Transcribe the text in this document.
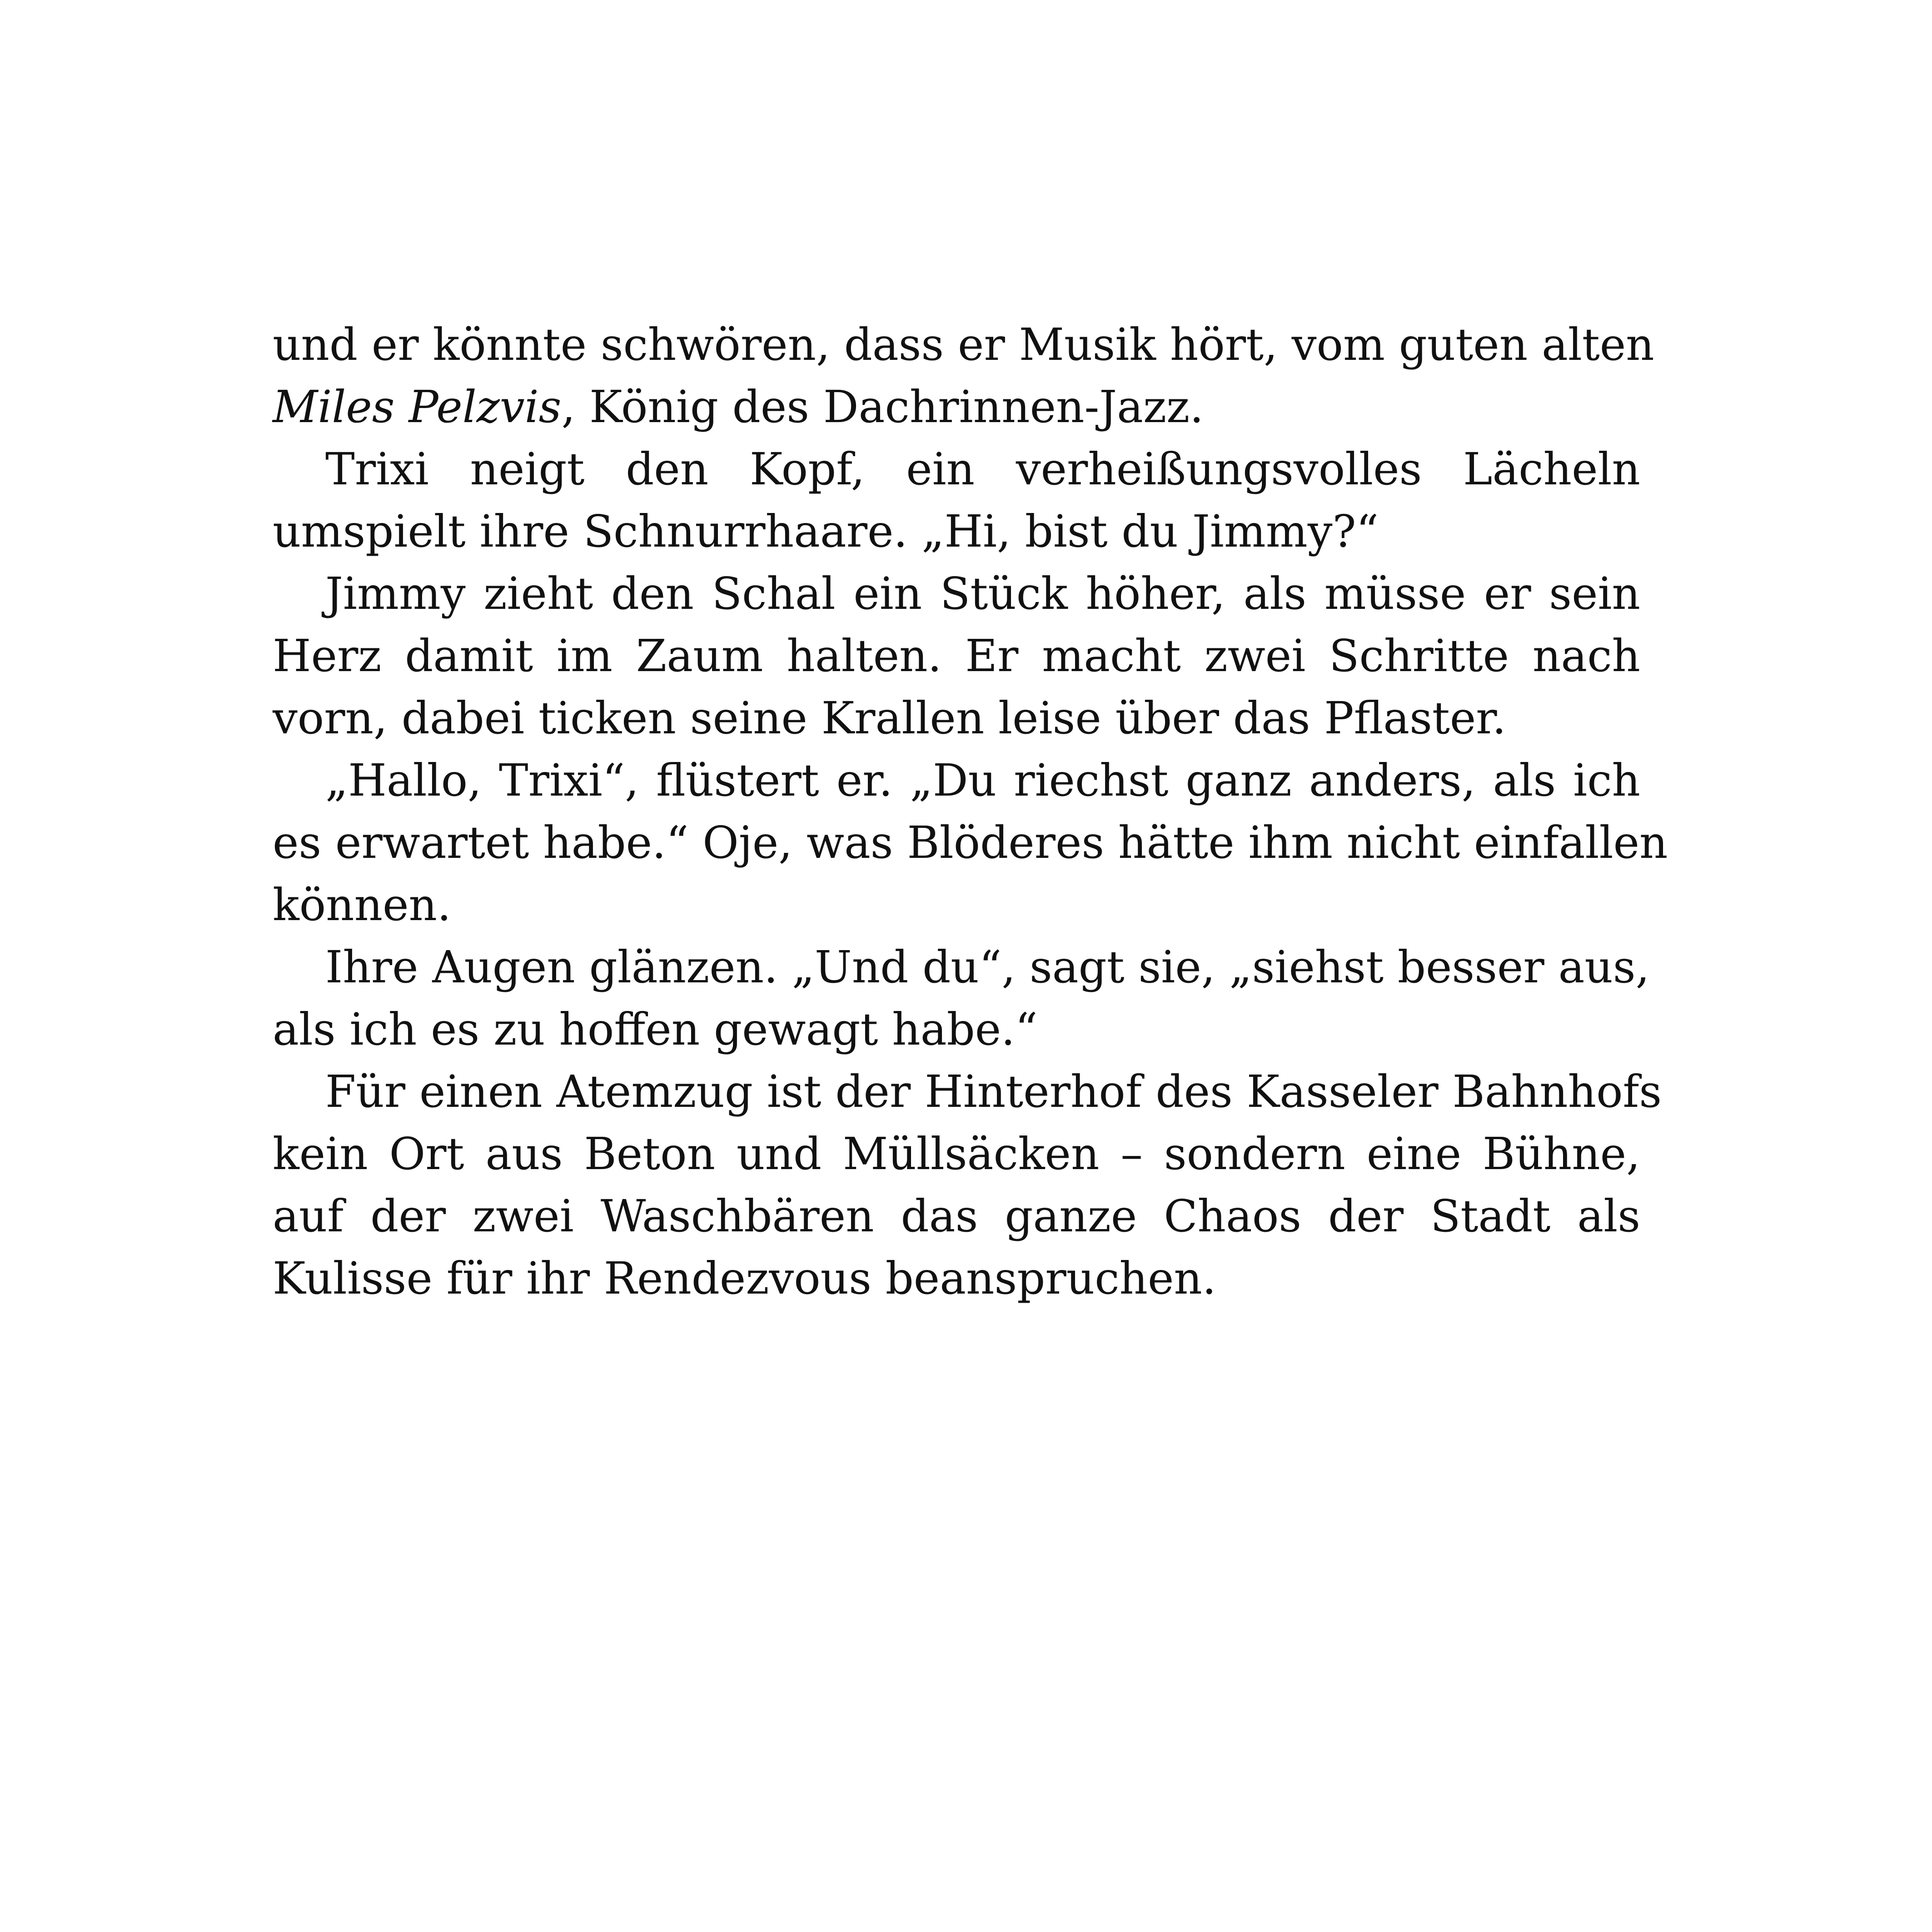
und er könnte schwören, dass er Musik hört, vom guten alten
Miles Pelzvis, König des Dachrinnen-Jazz.

Trixi neigt den Kopf, ein verheißungsvolles Lächeln
umspielt ihre Schnurrhaare. „Hi, bist du Jimmy?“

Jimmy zieht den Schal ein Stück höher, als müsse er sein
Herz damit im Zaum halten. Er macht zwei Schritte nach
vorn, dabei ticken seine Krallen leise über das Pflaster.

„Hallo, Trixi“, flüstert er. „Du riechst ganz anders, als ich
es erwartet habe.“ Oje, was Blöderes hätte ihm nicht einfallen
können.

Ihre Augen glänzen. „Und du“, sagt sie, „siehst besser aus,
als ich es zu hoffen gewagt habe.“

Für einen Atemzug ist der Hinterhof des Kasseler Bahnhofs
kein Ort aus Beton und Müllsäcken – sondern eine Bühne,
auf der zwei Waschbären das ganze Chaos der Stadt als
Kulisse für ihr Rendezvous beanspruchen.
